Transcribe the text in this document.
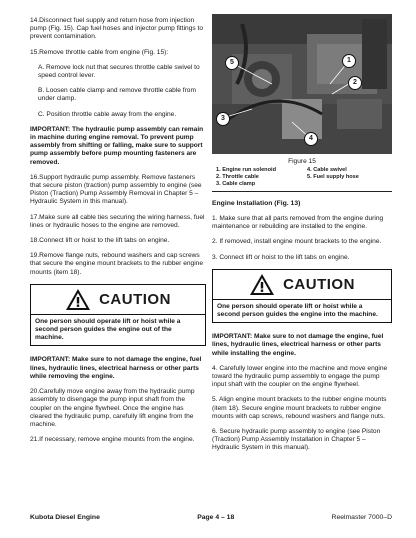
14.Disconnect fuel supply and return hose from injection pump (Fig. 15). Cap fuel hoses and injector pump fittings to prevent contamination.

15.Remove throttle cable from engine (Fig. 15):

A. Remove lock nut that secures throttle cable swivel to speed control lever.

B. Loosen cable clamp and remove throttle cable from under clamp.

C. Position throttle cable away from the engine.

IMPORTANT: The hydraulic pump assembly can remain in machine during engine removal. To prevent pump assembly from shifting or falling, make sure to support pump assembly before pump mounting fasteners are removed.

16.Support hydraulic pump assembly. Remove fasteners that secure piston (traction) pump assembly to engine (see Piston (Traction) Pump Assembly Removal in Chapter 5 – Hydraulic System in this manual).

17.Make sure all cable ties securing the wiring harness, fuel lines or hydraulic hoses to the engine are removed.

18.Connect lift or hoist to the lift tabs on engine.

19.Remove flange nuts, rebound washers and cap screws that secure the engine mount brackets to the rubber engine mounts (item 18).

CAUTION
One person should operate lift or hoist while a second person guides the engine out of the machine.

IMPORTANT: Make sure to not damage the engine, fuel lines, hydraulic lines, electrical harness or other parts while removing the engine.

20.Carefully move engine away from the hydraulic pump assembly to disengage the pump input shaft from the coupler on the engine flywheel. Once the engine has cleared the hydraulic pump, carefully lift engine from the machine.

21.If necessary, remove engine mounts from the engine.

5	1
2
3
4
Figure 15
1. Engine run solenoid	4. Cable swivel
2. Throttle cable	5. Fuel supply hose
3. Cable clamp
Engine Installation (Fig. 13)

1. Make sure that all parts removed from the engine during maintenance or rebuilding are installed to the engine.

2. If removed, install engine mount brackets to the engine.

3. Connect lift or hoist to the lift tabs on engine.

CAUTION
One person should operate lift or hoist while a second person guides the engine into the machine.

IMPORTANT: Make sure to not damage the engine, fuel lines, hydraulic lines, electrical harness or other parts while installing the engine.

4. Carefully lower engine into the machine and move engine toward the hydraulic pump assembly to engage the pump input shaft with the coupler on the engine flywheel.

5. Align engine mount brackets to the rubber engine mounts (item 18). Secure engine mount brackets to rubber engine mounts with cap screws, rebound washers and flange nuts.

6. Secure hydraulic pump assembly to engine (see Piston (Traction) Pump Assembly Installation in Chapter 5 – Hydraulic System in this manual).

Kubota Diesel Engine	Page 4 – 18	Reelmaster 7000–D
